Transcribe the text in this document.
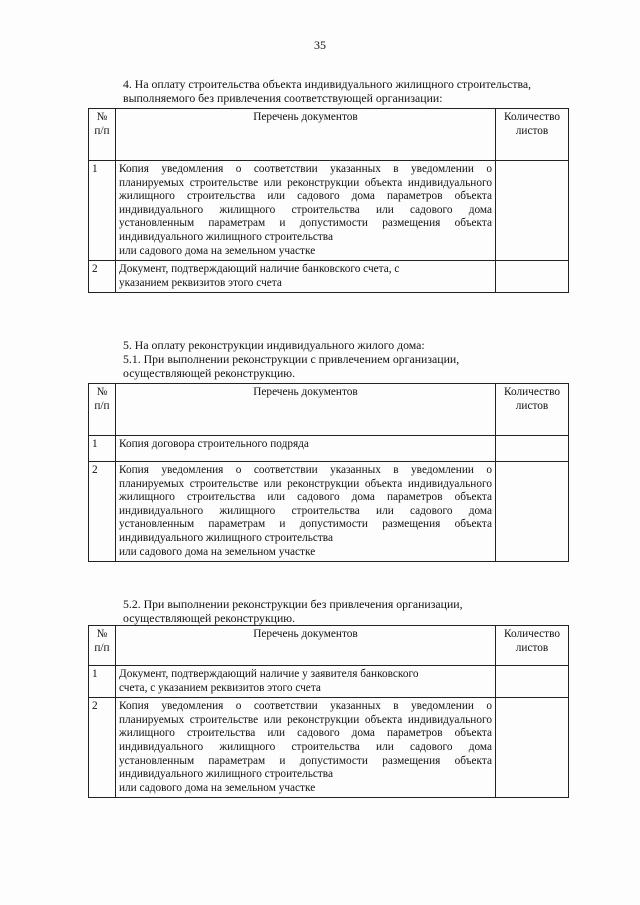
35
4. На оплату строительства объекта индивидуального жилищного строительства,
выполняемого без привлечения соответствующей организации:
№
п/п	Перечень документов	Количество
листов
1	Копия уведомления о соответствии указанных в уведомлении о планируемых строительстве или реконструкции объекта индивидуального жилищного строительства или садового дома параметров объекта индивидуального жилищного строительства или садового дома установленным параметрам и допустимости размещения объекта индивидуального жилищного строительства
или садового дома на земельном участке	

2	Документ, подтверждающий наличие банковского счета, с
указанием реквизитов этого счета	

5. На оплату реконструкции индивидуального жилого дома:
5.1. При выполнении реконструкции с привлечением организации,
осуществляющей реконструкцию.
№
п/п	Перечень документов	Количество
листов
1	Копия договора строительного подряда	

2	Копия уведомления о соответствии указанных в уведомлении о планируемых строительстве или реконструкции объекта индивидуального жилищного строительства или садового дома параметров объекта индивидуального жилищного строительства или садового дома установленным параметрам и допустимости размещения объекта индивидуального жилищного строительства
или садового дома на земельном участке	

5.2. При выполнении реконструкции без привлечения организации,
осуществляющей реконструкцию.
№
п/п	Перечень документов	Количество
листов
1	Документ, подтверждающий наличие у заявителя банковского
счета, с указанием реквизитов этого счета	

2	Копия уведомления о соответствии указанных в уведомлении о планируемых строительстве или реконструкции объекта индивидуального жилищного строительства или садового дома параметров объекта индивидуального жилищного строительства или садового дома установленным параметрам и допустимости размещения объекта индивидуального жилищного строительства
или садового дома на земельном участке	
